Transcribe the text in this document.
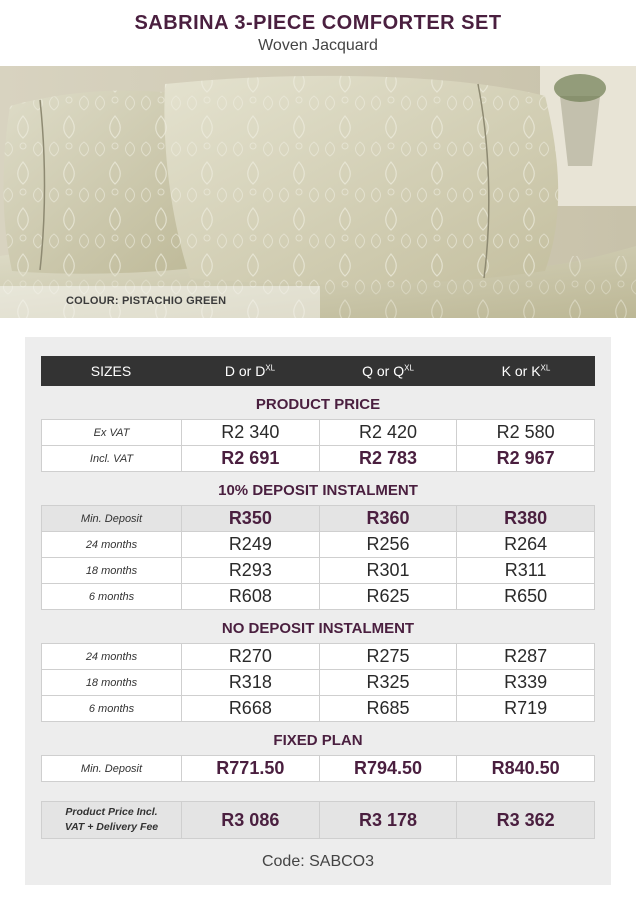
SABRINA 3-PIECE COMFORTER SET
Woven Jacquard
COLOUR: PISTACHIO GREEN
SIZES	D or $D^{XL}$	Q or $Q^{XL}$	K or $K^{XL}$
PRODUCT PRICE
Ex VAT	R2 340	R2 420	R2 580
Incl. VAT	R2 691	R2 783	R2 967
10% DEPOSIT INSTALMENT
Min. Deposit	R350	R360	R380
24 months	R249	R256	R264
18 months	R293	R301	R311
6 months	R608	R625	R650
NO DEPOSIT INSTALMENT
24 months	R270	R275	R287
18 months	R318	R325	R339
6 months	R668	R685	R719
FIXED PLAN
Min. Deposit	R771.50	R794.50	R840.50
Product Price Incl.
VAT + Delivery Fee	R3 086	R3 178	R3 362
Code: SABCO3
